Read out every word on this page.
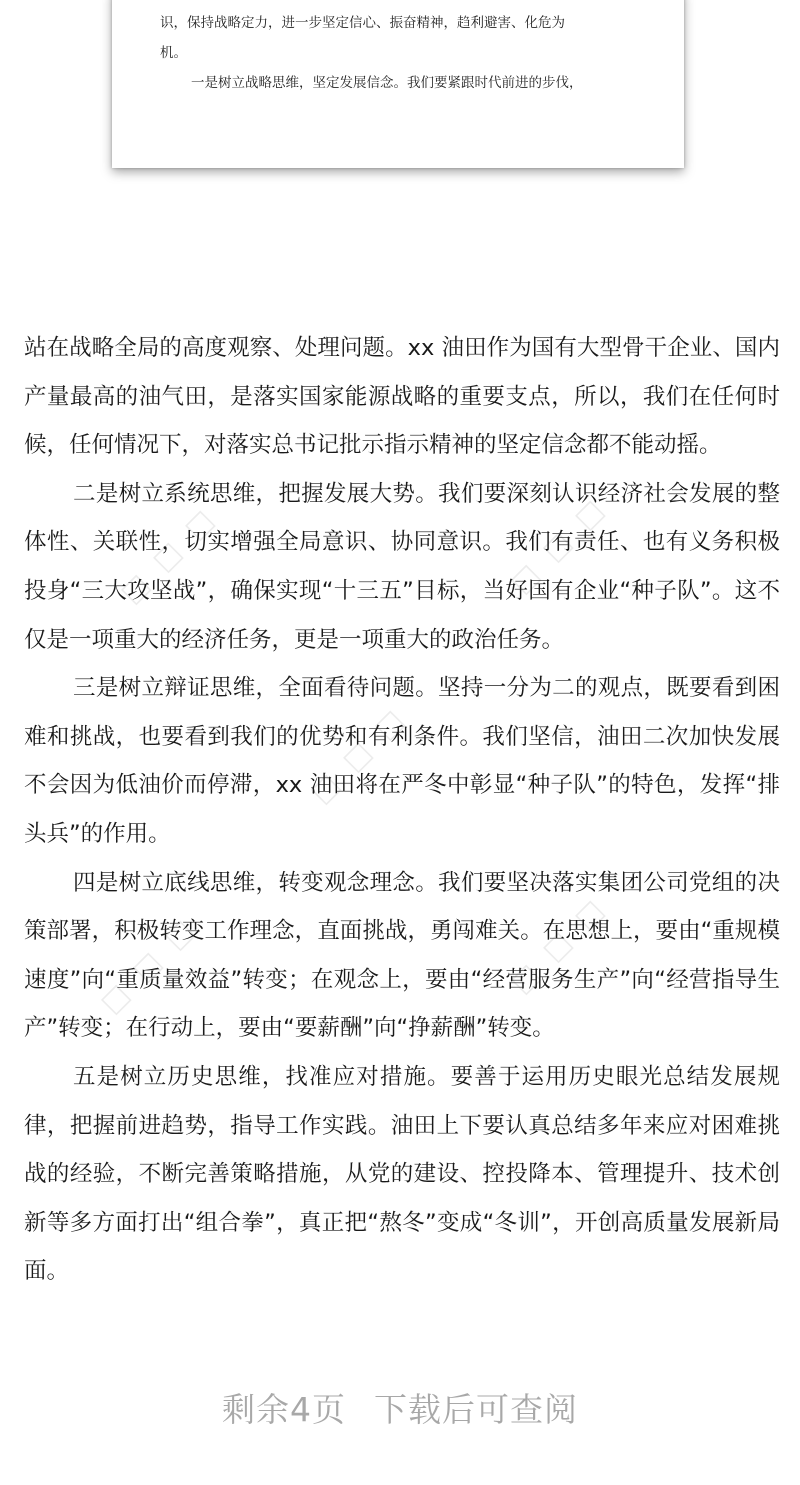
识，保持战略定力，进一步坚定信心、振奋精神，趋利避害、化危为

机。

一是树立战略思维，坚定发展信念。我们要紧跟时代前进的步伐，

☐ ☐ ☐	☐ ☐ ☐
☐ ☐ ☐
☐ ☐ ☐	☐ ☐ ☐

站在战略全局的高度观察、处理问题。xx 油田作为国有大型骨干企业、国内产量最高的油气田，是落实国家能源战略的重要支点，所以，我们在任何时候，任何情况下，对落实总书记批示指示精神的坚定信念都不能动摇。

二是树立系统思维，把握发展大势。我们要深刻认识经济社会发展的整体性、关联性，切实增强全局意识、协同意识。我们有责任、也有义务积极投身“三大攻坚战”，确保实现“十三五”目标，当好国有企业“种子队”。这不仅是一项重大的经济任务，更是一项重大的政治任务。

三是树立辩证思维，全面看待问题。坚持一分为二的观点，既要看到困难和挑战，也要看到我们的优势和有利条件。我们坚信，油田二次加快发展不会因为低油价而停滞，xx 油田将在严冬中彰显“种子队”的特色，发挥“排头兵”的作用。

四是树立底线思维，转变观念理念。我们要坚决落实集团公司党组的决策部署，积极转变工作理念，直面挑战，勇闯难关。在思想上，要由“重规模速度”向“重质量效益”转变；在观念上，要由“经营服务生产”向“经营指导生产”转变；在行动上，要由“要薪酬”向“挣薪酬”转变。

五是树立历史思维，找准应对措施。要善于运用历史眼光总结发展规律，把握前进趋势，指导工作实践。油田上下要认真总结多年来应对困难挑战的经验，不断完善策略措施，从党的建设、控投降本、管理提升、技术创新等多方面打出“组合拳”，真正把“熬冬”变成“冬训”，开创高质量发展新局面。

剩余4页 下载后可查阅
